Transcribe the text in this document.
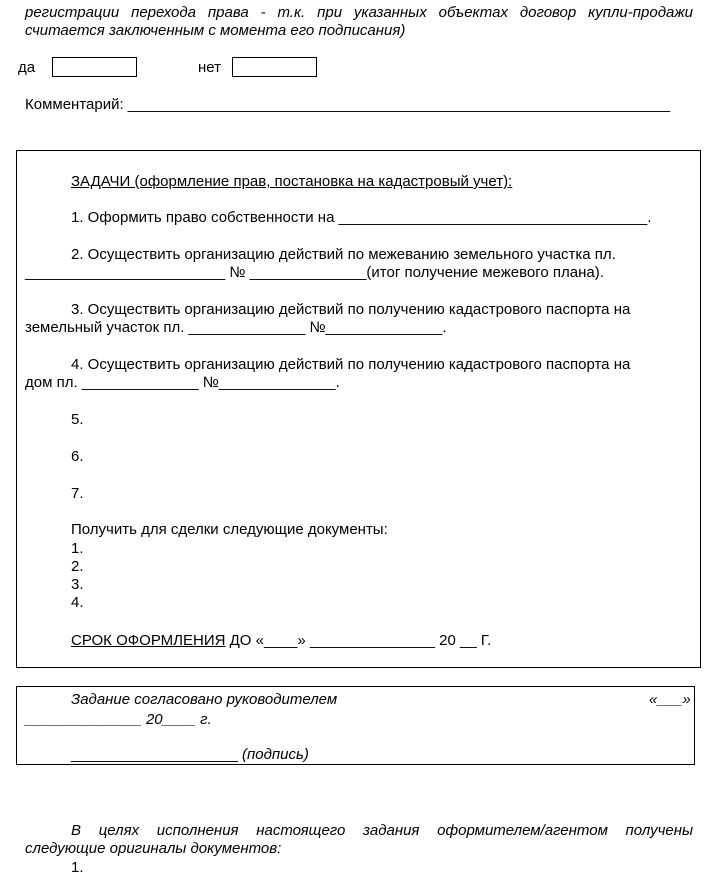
регистрации перехода права - т.к. при указанных объектах договор купли-продажи
считается заключенным с момента его подписания)
да	нет
Комментарий: _________________________________________________________________
ЗАДАЧИ (оформление прав, постановка на кадастровый учет):
1. Оформить право собственности на _____________________________________.
2. Осуществить организацию действий по межеванию земельного участка пл.
________________________ № ______________(итог получение межевого плана).
3. Осуществить организацию действий по получению кадастрового паспорта на
земельный участок пл. ______________ №______________.
4. Осуществить организацию действий по получению кадастрового паспорта на
дом пл. ______________ №______________.
5.
6.
7.
Получить для сделки следующие документы:
1.
2.
3.
4.
СРОК ОФОРМЛЕНИЯ ДО «____» _______________ 20 __ Г.
Задание согласовано руководителем	«___»
______________ 20____ г.
____________________ (подпись)
В целях исполнения настоящего задания оформителем/агентом получены
следующие оригиналы документов:
1.
